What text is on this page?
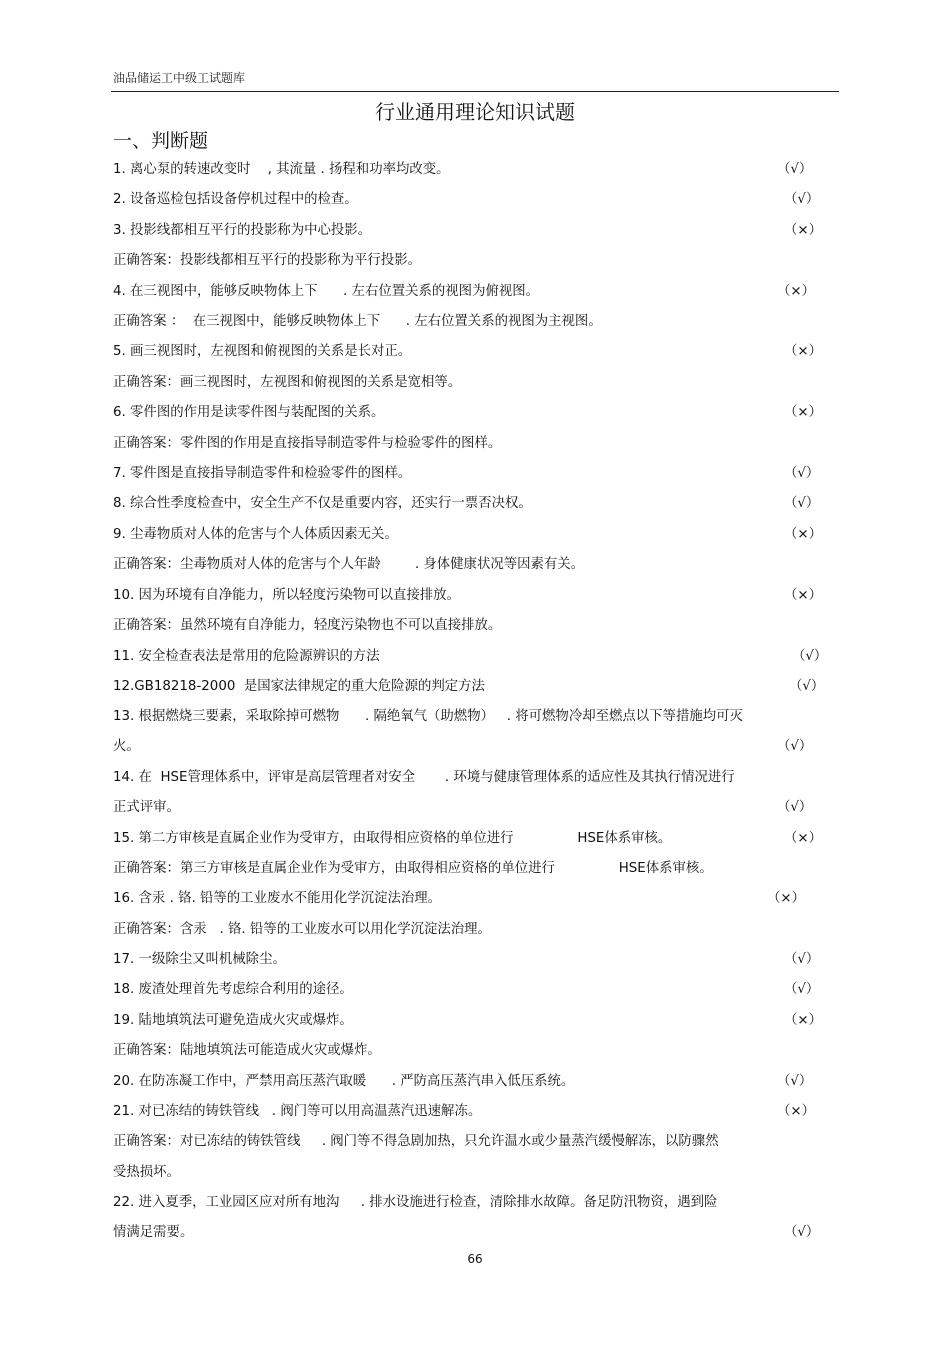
油品储运工中级工试题库
行业通用理论知识试题
一、判断题
1. 离心泵的转速改变时    , 其流量 . 扬程和功率均改变。	（√）
2. 设备巡检包括设备停机过程中的检查。	（√）
3. 投影线都相互平行的投影称为中心投影。	（×）
正确答案：投影线都相互平行的投影称为平行投影。
4. 在三视图中，能够反映物体上下      . 左右位置关系的视图为俯视图。	（×）
正确答案 ：  在三视图中，能够反映物体上下      . 左右位置关系的视图为主视图。
5. 画三视图时，左视图和俯视图的关系是长对正。	（×）
正确答案：画三视图时，左视图和俯视图的关系是宽相等。
6. 零件图的作用是读零件图与装配图的关系。	（×）
正确答案：零件图的作用是直接指导制造零件与检验零件的图样。
7. 零件图是直接指导制造零件和检验零件的图样。	（√）
8. 综合性季度检查中，安全生产不仅是重要内容，还实行一票否决权。	（√）
9. 尘毒物质对人体的危害与个人体质因素无关。	（×）
正确答案：尘毒物质对人体的危害与个人年龄        . 身体健康状况等因素有关。
10. 因为环境有自净能力，所以轻度污染物可以直接排放。	（×）
正确答案：虽然环境有自净能力，轻度污染物也不可以直接排放。
11. 安全检查表法是常用的危险源辨识的方法	（√）
12.GB18218-2000  是国家法律规定的重大危险源的判定方法	（√）
13. 根据燃烧三要素，采取除掉可燃物      . 隔绝氧气（助燃物）   . 将可燃物冷却至燃点以下等措施均可灭
火。	（√）
14. 在  HSE管理体系中，评审是高层管理者对安全       . 环境与健康管理体系的适应性及其执行情况进行
正式评审。	（√）
15. 第二方审核是直属企业作为受审方，由取得相应资格的单位进行               HSE体系审核。	（×）
正确答案：第三方审核是直属企业作为受审方，由取得相应资格的单位进行               HSE体系审核。
16. 含汞 . 铬. 铅等的工业废水不能用化学沉淀法治理。	（×）
正确答案：含汞   . 铬. 铅等的工业废水可以用化学沉淀法治理。
17. 一级除尘又叫机械除尘。	（√）
18. 废渣处理首先考虑综合利用的途径。	（√）
19. 陆地填筑法可避免造成火灾或爆炸。	（×）
正确答案：陆地填筑法可能造成火灾或爆炸。
20. 在防冻凝工作中，严禁用高压蒸汽取暖      . 严防高压蒸汽串入低压系统。	（√）
21. 对已冻结的铸铁管线   . 阀门等可以用高温蒸汽迅速解冻。	（×）
正确答案：对已冻结的铸铁管线     . 阀门等不得急剧加热，只允许温水或少量蒸汽缓慢解冻，以防骤然
受热损坏。
22. 进入夏季，工业园区应对所有地沟     . 排水设施进行检查，清除排水故障。备足防汛物资，遇到险
情满足需要。	（√）
66
